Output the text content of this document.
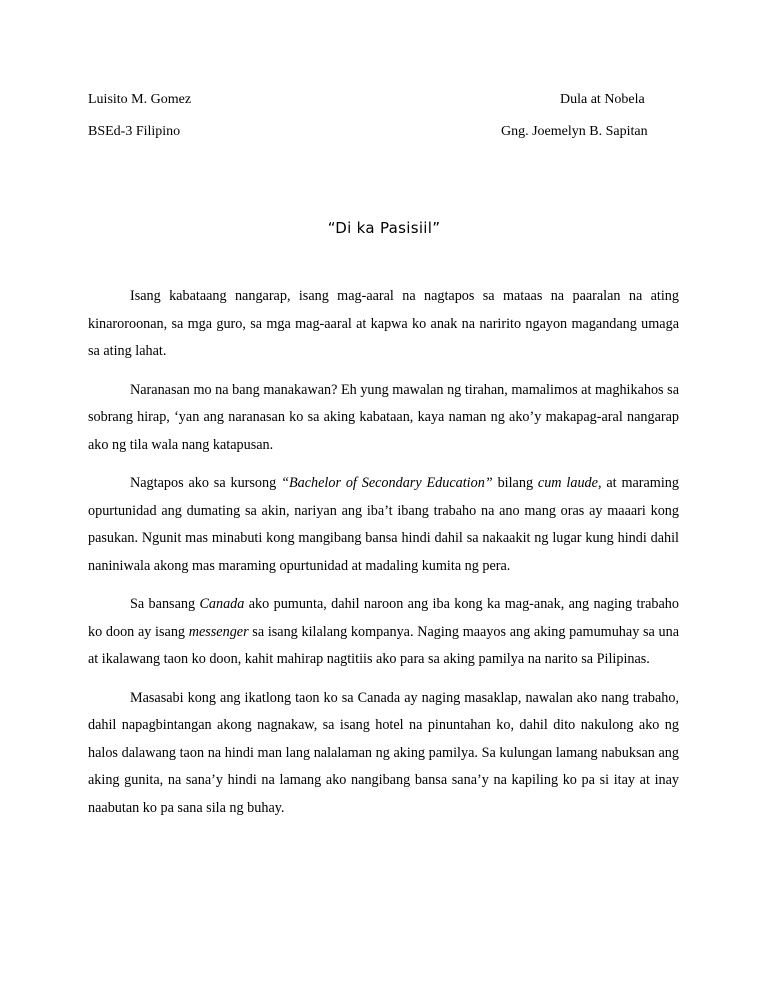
Luisito M. Gomez	Dula at Nobela
BSEd-3 Filipino	Gng. Joemelyn B. Sapitan
“Di ka Pasisiil”

Isang kabataang nangarap, isang mag-aaral na nagtapos sa mataas na paaralan na ating kinaroroonan, sa mga guro, sa mga mag-aaral at kapwa ko anak na naririto ngayon magandang umaga sa ating lahat.

Naranasan mo na bang manakawan? Eh yung mawalan ng tirahan, mamalimos at maghikahos sa sobrang hirap, ‘yan ang naranasan ko sa aking kabataan, kaya naman ng ako’y makapag-aral nangarap ako ng tila wala nang katapusan.

Nagtapos ako sa kursong “Bachelor of Secondary Education” bilang cum laude, at maraming opurtunidad ang dumating sa akin, nariyan ang iba’t ibang trabaho na ano mang oras ay maaari kong pasukan. Ngunit mas minabuti kong mangibang bansa hindi dahil sa nakaakit ng lugar kung hindi dahil naniniwala akong mas maraming opurtunidad at madaling kumita ng pera.

Sa bansang Canada ako pumunta, dahil naroon ang iba kong ka mag-anak, ang naging trabaho ko doon ay isang messenger sa isang kilalang kompanya. Naging maayos ang aking pamumuhay sa una at ikalawang taon ko doon, kahit mahirap nagtitiis ako para sa aking pamilya na narito sa Pilipinas.

Masasabi kong ang ikatlong taon ko sa Canada ay naging masaklap, nawalan ako nang trabaho, dahil napagbintangan akong nagnakaw, sa isang hotel na pinuntahan ko, dahil dito nakulong ako ng halos dalawang taon na hindi man lang nalalaman ng aking pamilya. Sa kulungan lamang nabuksan ang aking gunita, na sana’y hindi na lamang ako nangibang bansa sana’y na kapiling ko pa si itay at inay naabutan ko pa sana sila ng buhay.
